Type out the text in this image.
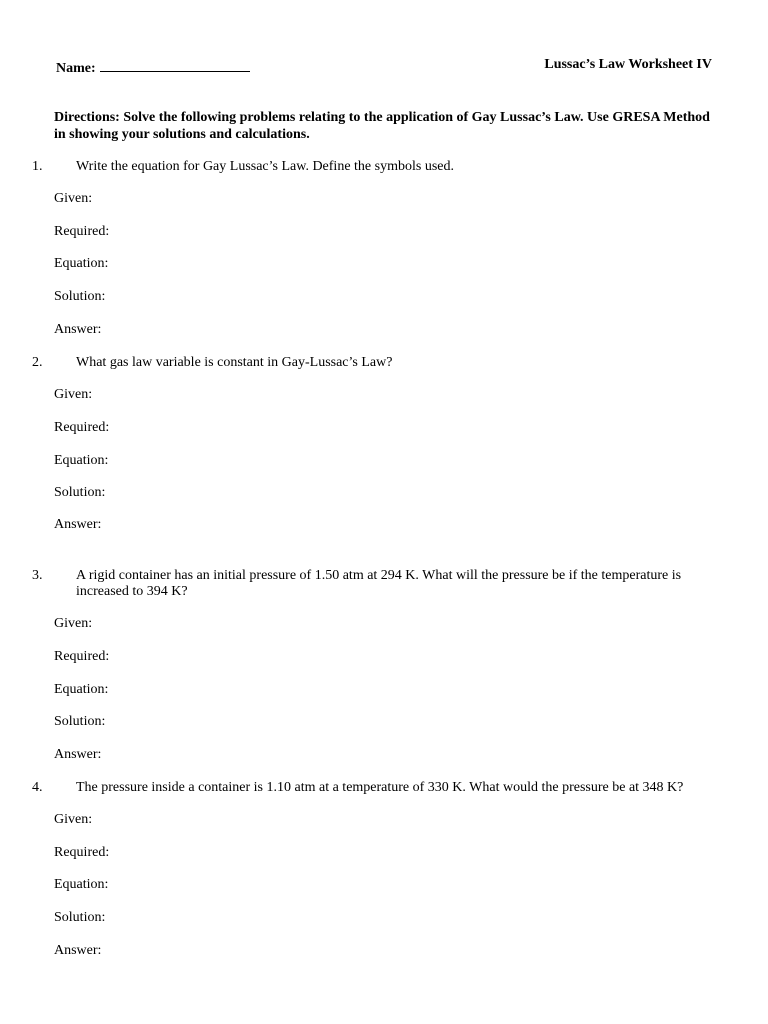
Name:	Lussac’s Law Worksheet IV
Directions: Solve the following problems relating to the application of Gay Lussac’s Law. Use GRESA Method in showing your solutions and calculations.
1. Write the equation for Gay Lussac’s Law. Define the symbols used.
Given:
Required:
Equation:
Solution:
Answer:
2. What gas law variable is constant in Gay-Lussac’s Law?
Given:
Required:
Equation:
Solution:
Answer:
3. A rigid container has an initial pressure of 1.50 atm at 294 K. What will the pressure be if the temperature is increased to 394 K?
Given:
Required:
Equation:
Solution:
Answer:
4. The pressure inside a container is 1.10 atm at a temperature of 330 K. What would the pressure be at 348 K?
Given:
Required:
Equation:
Solution:
Answer:
